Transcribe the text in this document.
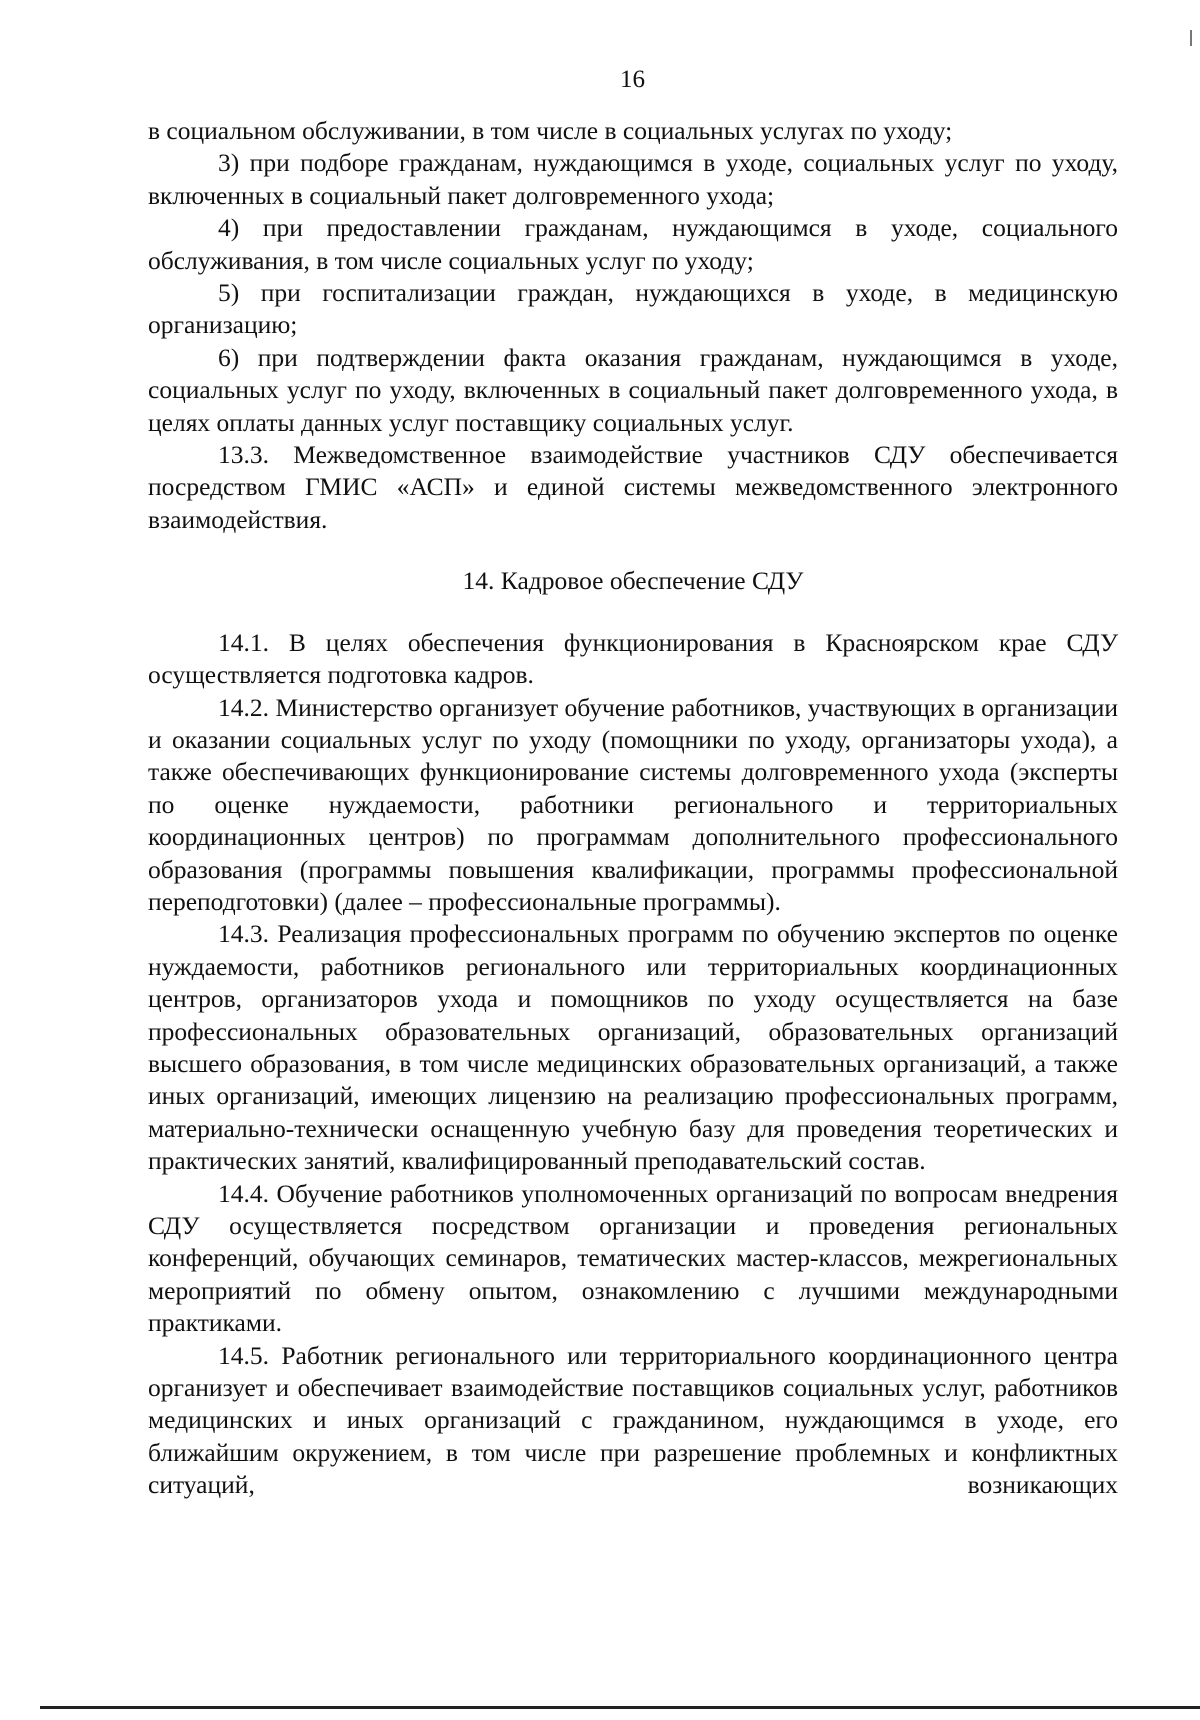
16

в социальном обслуживании, в том числе в социальных услугах по уходу;

3) при подборе гражданам, нуждающимся в уходе, социальных услуг по уходу, включенных в социальный пакет долговременного ухода;

4) при предоставлении гражданам, нуждающимся в уходе, социального обслуживания, в том числе социальных услуг по уходу;

5) при госпитализации граждан, нуждающихся в уходе, в медицинскую организацию;

6) при подтверждении факта оказания гражданам, нуждающимся в уходе, социальных услуг по уходу, включенных в социальный пакет долговременного ухода, в целях оплаты данных услуг поставщику социальных услуг.

13.3. Межведомственное взаимодействие участников СДУ обеспечивается посредством ГМИС «АСП» и единой системы межведомственного электронного взаимодействия.

14. Кадровое обеспечение СДУ

14.1. В целях обеспечения функционирования в Красноярском крае СДУ осуществляется подготовка кадров.

14.2. Министерство организует обучение работников, участвующих в организации и оказании социальных услуг по уходу (помощники по уходу, организаторы ухода), а также обеспечивающих функционирование системы долговременного ухода (эксперты по оценке нуждаемости, работники регионального и территориальных координационных центров) по программам дополнительного профессионального образования (программы повышения квалификации, программы профессиональной переподготовки) (далее – профессиональные программы).

14.3. Реализация профессиональных программ по обучению экспертов по оценке нуждаемости, работников регионального или территориальных координационных центров, организаторов ухода и помощников по уходу осуществляется на базе профессиональных образовательных организаций, образовательных организаций высшего образования, в том числе медицинских образовательных организаций, а также иных организаций, имеющих лицензию на реализацию профессиональных программ, материально-технически оснащенную учебную базу для проведения теоретических и практических занятий, квалифицированный преподавательский состав.

14.4. Обучение работников уполномоченных организаций по вопросам внедрения СДУ осуществляется посредством организации и проведения региональных конференций, обучающих семинаров, тематических мастер-классов, межрегиональных мероприятий по обмену опытом, ознакомлению с лучшими международными практиками.

14.5. Работник регионального или территориального координационного центра организует и обеспечивает взаимодействие поставщиков социальных услуг, работников медицинских и иных организаций с гражданином, нуждающимся в уходе, его ближайшим окружением, в том числе при разрешение проблемных и конфликтных ситуаций, возникающих
